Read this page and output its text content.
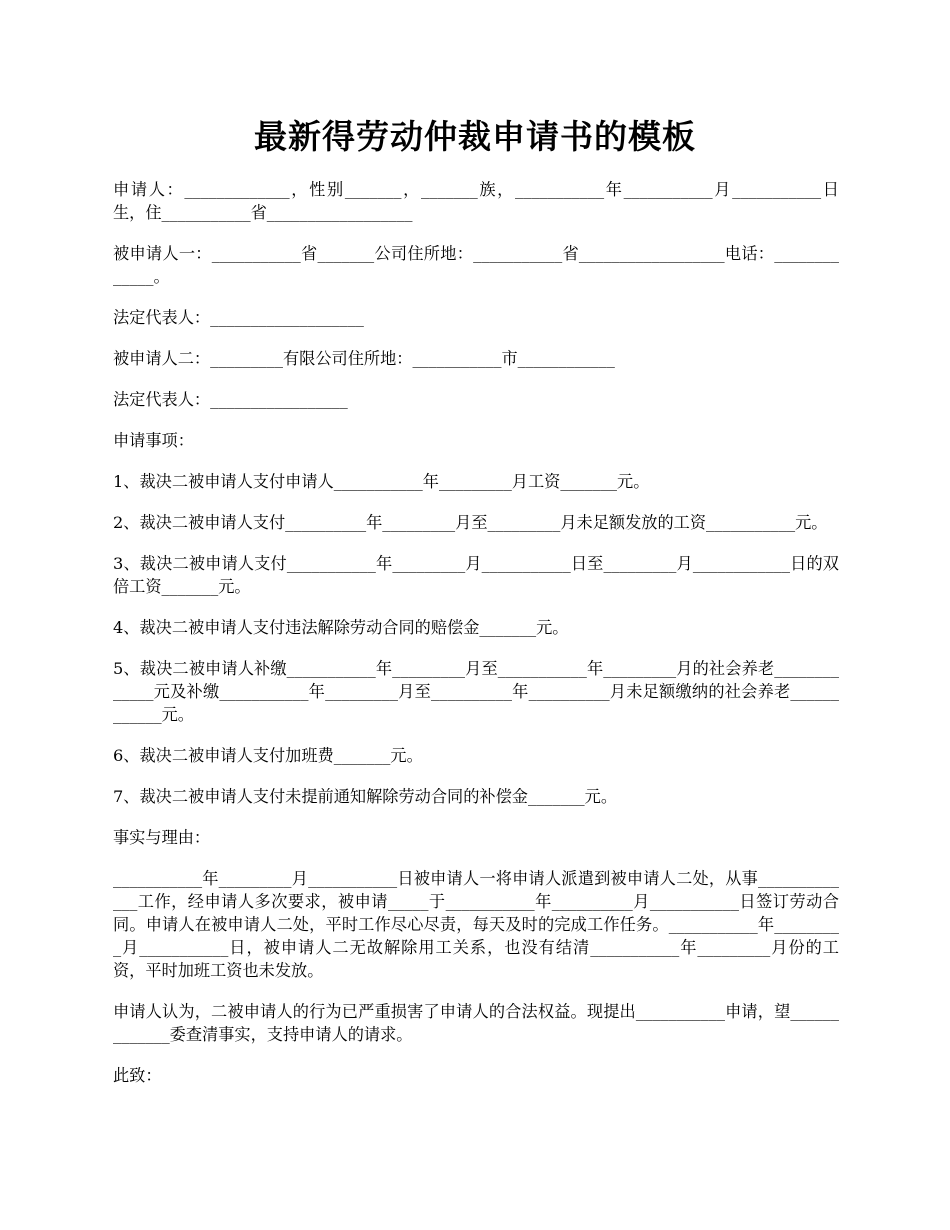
最新得劳动仲裁申请书的模板

申请人：_____________，性别_______，_______族，___________年___________月___________日生，住___________省__________________

被申请人一：___________省_______公司住所地：___________省__________________电话：_____________。

法定代表人：___________________

被申请人二：_________有限公司住所地：___________市____________

法定代表人：_________________

申请事项：

1、裁决二被申请人支付申请人___________年_________月工资_______元。

2、裁决二被申请人支付__________年_________月至_________月未足额发放的工资___________元。

3、裁决二被申请人支付___________年_________月___________日至_________月____________日的双倍工资_______元。

4、裁决二被申请人支付违法解除劳动合同的赔偿金_______元。

5、裁决二被申请人补缴___________年_________月至___________年_________月的社会养老_____________元及补缴___________年_________月至__________年__________月未足额缴纳的社会养老____________元。

6、裁决二被申请人支付加班费_______元。

7、裁决二被申请人支付未提前通知解除劳动合同的补偿金_______元。

事实与理由：

___________年_________月___________日被申请人一将申请人派遣到被申请人二处，从事_____________工作，经申请人多次要求，被申请_____于___________年__________月___________日签订劳动合同。申请人在被申请人二处，平时工作尽心尽责，每天及时的完成工作任务。___________年_________月___________日，被申请人二无故解除用工关系，也没有结清___________年_________月份的工资，平时加班工资也未发放。

申请人认为，二被申请人的行为已严重损害了申请人的合法权益。现提出___________申请，望_____________委查清事实，支持申请人的请求。

此致：
